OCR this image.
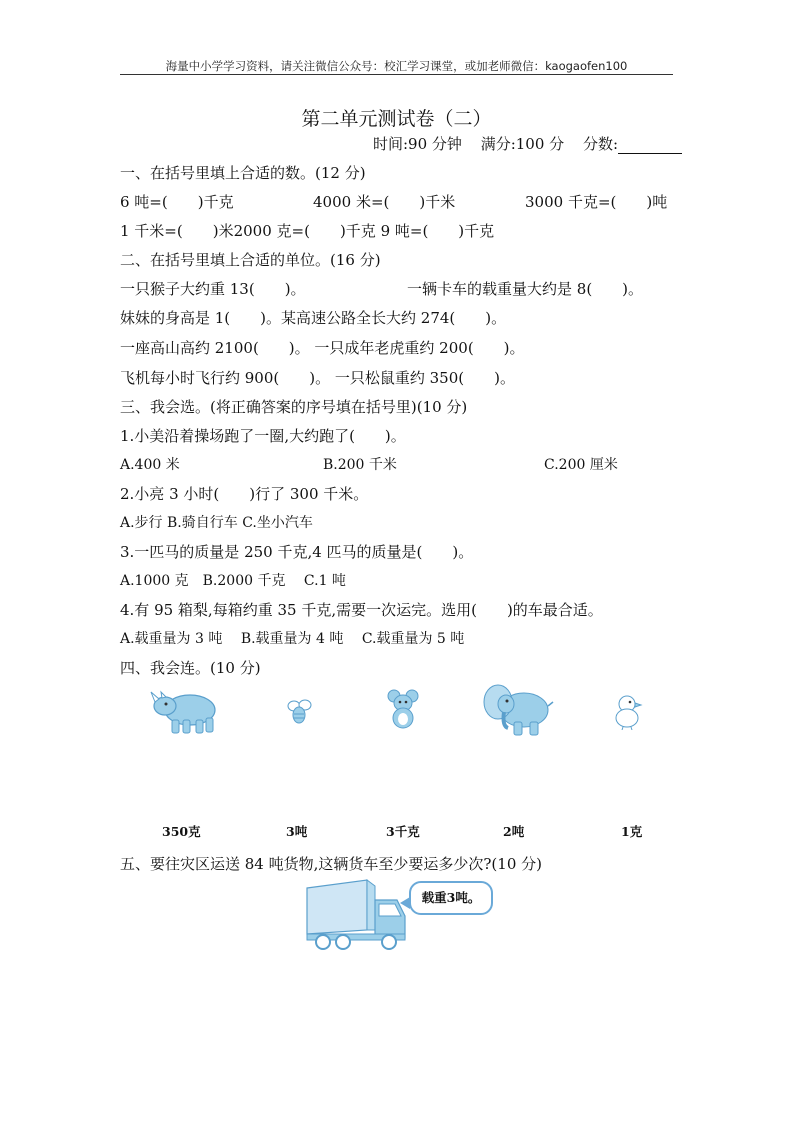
海量中小学学习资料，请关注微信公众号：校汇学习课堂，或加老师微信：kaogaofen100
第二单元测试卷（二）
时间:90 分钟 满分:100 分 分数:
一、在括号里填上合适的数。(12 分)
6 吨=(　　)千克	4000 米=(　　)千米	3000 千克=(　　)吨
1 千米=(　　)米2000 克=(　　)千克 9 吨=(　　)千克
二、在括号里填上合适的单位。(16 分)
一只猴子大约重 13(　　)。	一辆卡车的载重量大约是 8(　　)。
妹妹的身高是 1(　　)。某高速公路全长大约 274(　　)。
一座高山高约 2100(　　)。 一只成年老虎重约 200(　　)。
飞机每小时飞行约 900(　　)。 一只松鼠重约 350(　　)。
三、我会选。(将正确答案的序号填在括号里)(10 分)
1.小美沿着操场跑了一圈,大约跑了(　　)。
A.400 米	B.200 千米	C.200 厘米
2.小亮 3 小时(　　)行了 300 千米。
A.步行 B.骑自行车 C.坐小汽车
3.一匹马的质量是 250 千克,4 匹马的质量是(　　)。
A.1000 克　B.2000 千克　 C.1 吨
4.有 95 箱梨,每箱约重 35 千克,需要一次运完。选用(　　)的车最合适。
A.载重量为 3 吨　 B.载重量为 4 吨　 C.载重量为 5 吨
四、我会连。(10 分)
350克	3吨	3千克	2吨	1克
五、要往灾区运送 84 吨货物,这辆货车至少要运多少次?(10 分)
载重3吨。
